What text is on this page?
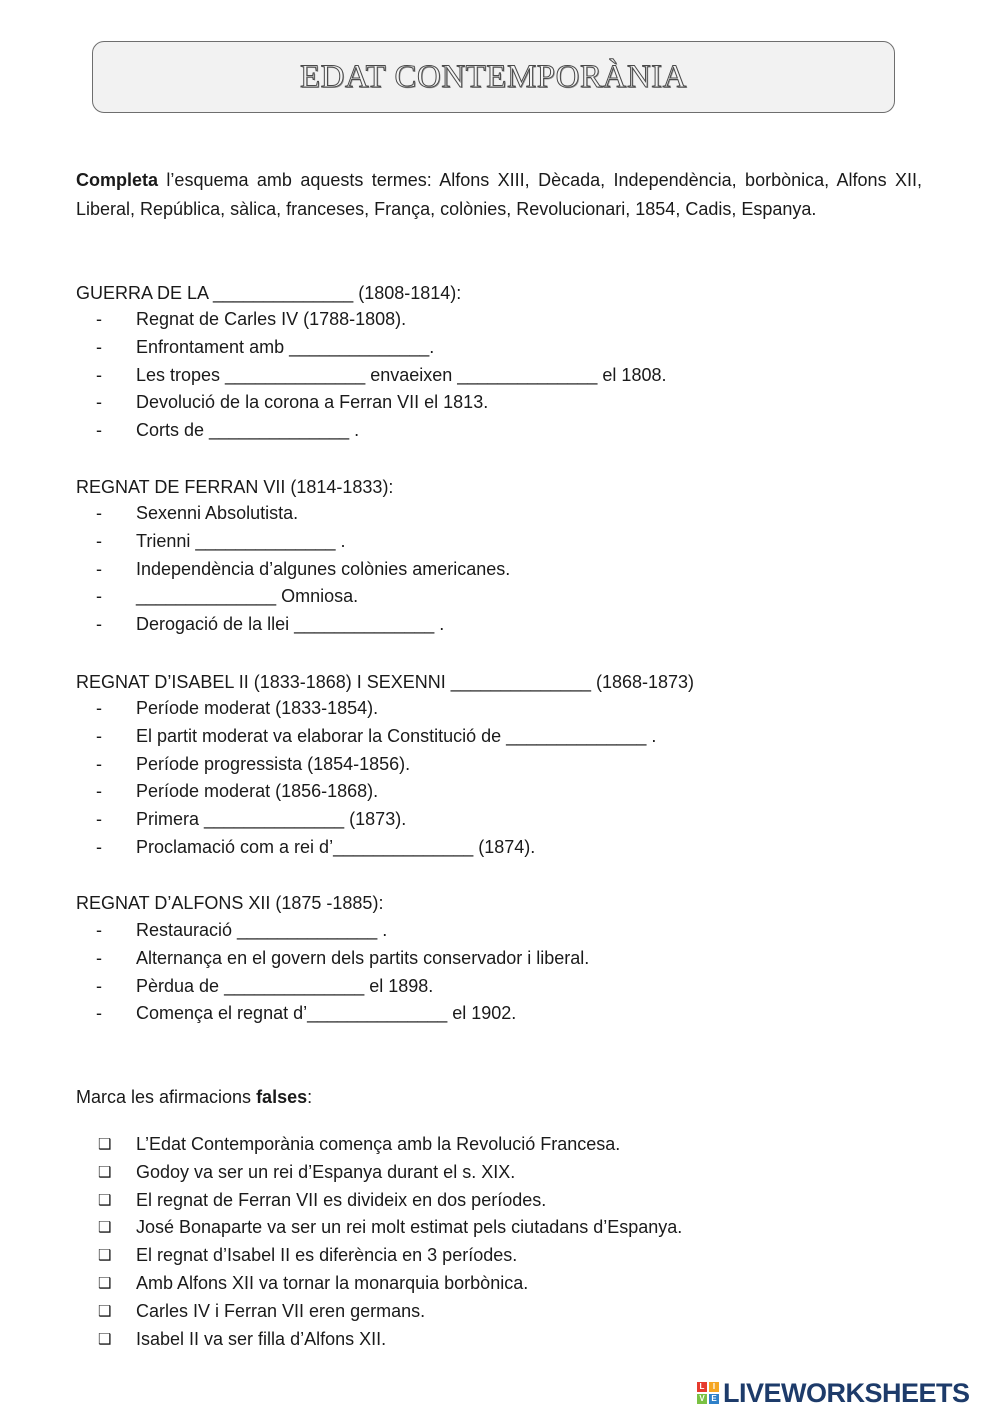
EDAT CONTEMPORÀNIA

Completa l’esquema amb aquests termes: Alfons XIII, Dècada, Independència, borbònica, Alfons XII, Liberal, República, sàlica, franceses, França, colònies, Revolucionari, 1854, Cadis, Espanya.

GUERRA DE LA ______________ (1808-1814):
- Regnat de Carles IV (1788-1808).
- Enfrontament amb ______________.
- Les tropes ______________ envaeixen ______________ el 1808.
- Devolució de la corona a Ferran VII el 1813.
- Corts de ______________ .
REGNAT DE FERRAN VII (1814-1833):
- Sexenni Absolutista.
- Trienni ______________ .
- Independència d’algunes colònies americanes.
- ______________ Omniosa.
- Derogació de la llei ______________ .
REGNAT D’ISABEL II (1833-1868) I SEXENNI ______________ (1868-1873)
- Període moderat (1833-1854).
- El partit moderat va elaborar la Constitució de ______________ .
- Període progressista (1854-1856).
- Període moderat (1856-1868).
- Primera ______________ (1873).
- Proclamació com a rei d’______________ (1874).
REGNAT D’ALFONS XII (1875 -1885):
- Restauració ______________ .
- Alternança en el govern dels partits conservador i liberal.
- Pèrdua de ______________ el 1898.
- Comença el regnat d’______________ el 1902.
Marca les afirmacions falses:
❑ L’Edat Contemporània comença amb la Revolució Francesa.
❑ Godoy va ser un rei d’Espanya durant el s. XIX.
❑ El regnat de Ferran VII es divideix en dos períodes.
❑ José Bonaparte va ser un rei molt estimat pels ciutadans d’Espanya.
❑ El regnat d’Isabel II es diferència en 3 períodes.
❑ Amb Alfons XII va tornar la monarquia borbònica.
❑ Carles IV i Ferran VII eren germans.
❑ Isabel II va ser filla d’Alfons XII.
L	I
V E LIVEWORKSHEETS
